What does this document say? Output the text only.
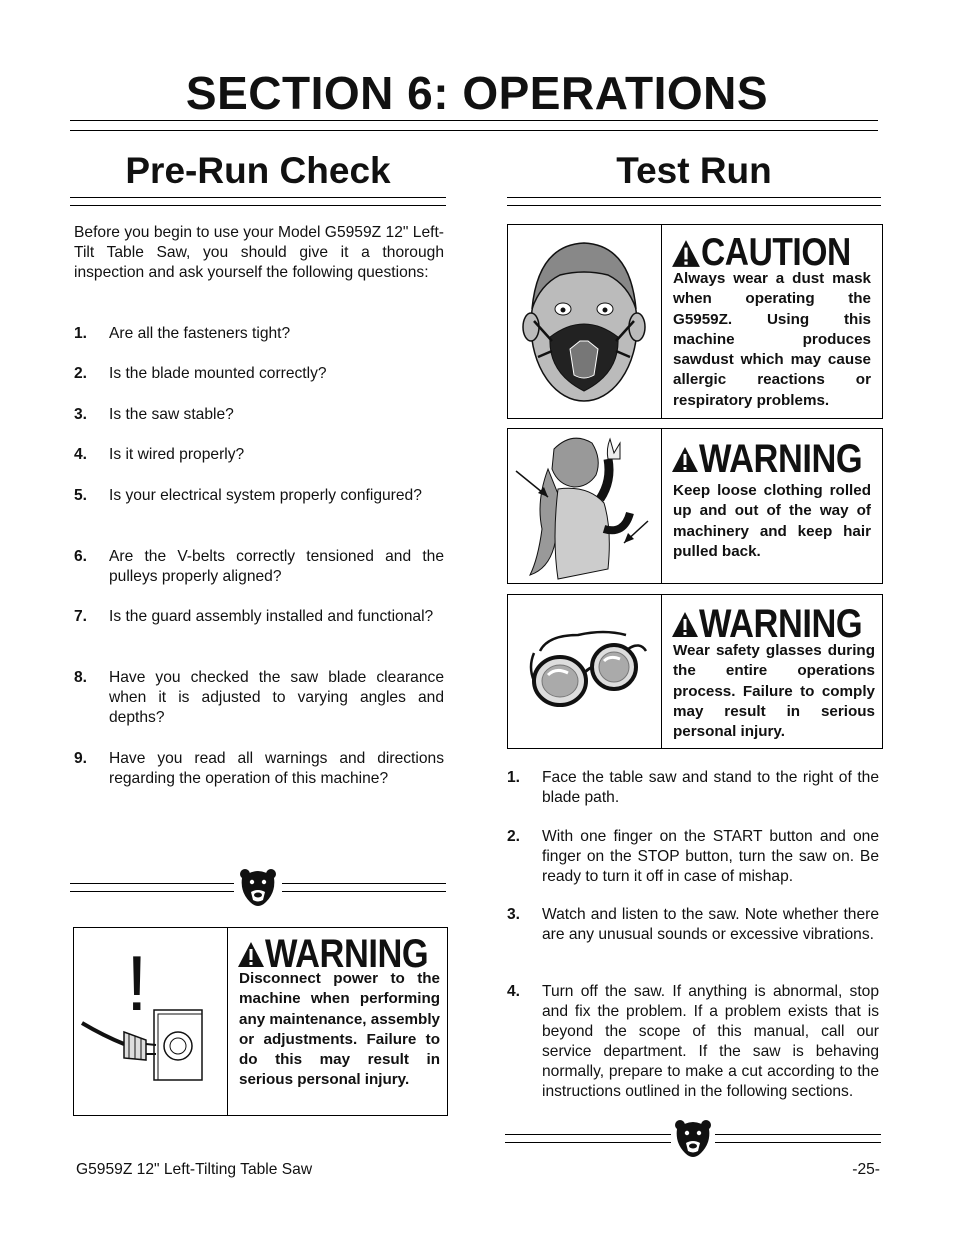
SECTION 6: OPERATIONS
Pre-Run Check
Before you begin to use your Model G5959Z 12" Left-Tilt Table Saw, you should give it a thorough inspection and ask yourself the following questions:
1. Are all the fasteners tight?
2. Is the blade mounted correctly?
3. Is the saw stable?
4. Is it wired properly?
5. Is your electrical system properly configured?
6. Are the V-belts correctly tensioned and the pulleys properly aligned?
7. Is the guard assembly installed and functional?
8. Have you checked the saw blade clearance when it is adjusted to varying angles and depths?
9. Have you read all warnings and directions regarding the operation of this machine?
!	WARNING
Disconnect power to the machine when performing any maintenance, assembly or adjustments. Failure to do this may result in serious personal injury.
Test Run
CAUTION
Always wear a dust mask when operating the G5959Z. Using this machine produces sawdust which may cause allergic reactions or respiratory problems.
WARNING
Keep loose clothing rolled up and out of the way of machinery and keep hair pulled back.
WARNING
Wear safety glasses during the entire operations process. Failure to comply may result in serious personal injury.
1. Face the table saw and stand to the right of the blade path.
2. With one finger on the START button and one finger on the STOP button, turn the saw on. Be ready to turn it off in case of mishap.
3. Watch and listen to the saw. Note whether there are any unusual sounds or excessive vibrations.
4. Turn off the saw. If anything is abnormal, stop and fix the problem. If a problem exists that is beyond the scope of this manual, call our service department. If the saw is behaving normally, prepare to make a cut according to the instructions outlined in the following sections.
G5959Z 12" Left-Tilting Table Saw	-25-
